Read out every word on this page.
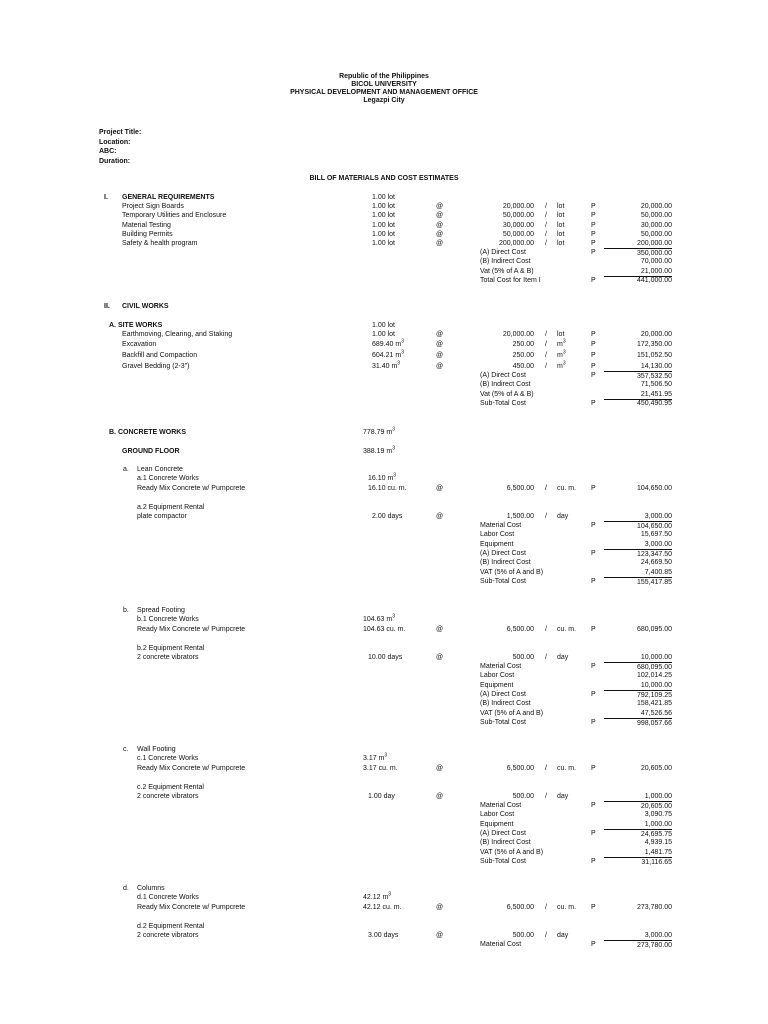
Republic of the Philippines
BICOL UNIVERSITY
PHYSICAL DEVELOPMENT AND MANAGEMENT OFFICE
Legazpi City
Project Title:
Location:
ABC:
Duration:
BILL OF MATERIALS AND COST ESTIMATES
I. GENERAL REQUIREMENTS	1.00 lot
Project Sign Boards	1.00 lot	@	20,000.00 / lot	P	20,000.00
Temporary Utilities and Enclosure	1.00 lot	@	50,000.00 / lot	P	50,000.00
Material Testing	1.00 lot	@	30,000.00 / lot	P	30,000.00
Building Permits	1.00 lot	@	50,000.00 / lot	P	50,000.00
Safety & health program	1.00 lot	@	200,000.00 / lot	P	200,000.00
(A) Direct Cost	P	350,000.00
(B) Indirect Cost	70,000.00
Vat (5% of A & B)	21,000.00
Total Cost for Item I	P	441,000.00
II. CIVIL WORKS
A. SITE WORKS	1.00 lot
Earthmoving, Clearing, and Staking	1.00 lot	@	20,000.00 / lot	P	20,000.00
Excavation	689.40 $m^3$	@	$250.00 / m^3$	P	172,350.00
Backfill and Compaction	604.21 $m^3$	@	$250.00 / m^3$	P	151,052.50
Gravel Bedding (2-3")	31.40 $m^3$	@	$450.00 / m^3$	P	14,130.00
(A) Direct Cost	P	357,532.50
(B) Indirect Cost	71,506.50
Vat (5% of A & B)	21,451.95
Sub-Total Cost	P	450,490.95
B. CONCRETE WORKS	778.79 $m^3$
GROUND FLOOR	388.19 $m^3$
a. Lean Concrete
a.1 Concrete Works	16.10 $m^3$
Ready Mix Concrete w/ Pumpcrete	16.10 cu. m.	@	6,500.00 / cu. m. P	104,650.00
a.2 Equipment Rental
plate compactor	2.00 days	@	1,500.00 / day	3,000.00
Material Cost	P	104,650.00
Labor Cost	15,697.50
Equipment	3,000.00
(A) Direct Cost	P	123,347.50
(B) Indirect Cost	24,669.50
VAT (5% of A and B)	7,400.85
Sub-Total Cost	P	155,417.85
b. Spread Footing
b.1 Concrete Works	104.63 $m^3$
Ready Mix Concrete w/ Pumpcrete	104.63 cu. m.	@	6,500.00 / cu. m. P	680,095.00
b.2 Equipment Rental
2 concrete vibrators	10.00 days	@	500.00 / day	10,000.00
Material Cost	P	680,095.00
Labor Cost	102,014.25
Equipment	10,000.00
(A) Direct Cost	P	792,109.25
(B) Indirect Cost	158,421.85
VAT (5% of A and B)	47,526.56
Sub-Total Cost	P	998,057.66
c. Wall Footing
c.1 Concrete Works	3.17 $m^3$
Ready Mix Concrete w/ Pumpcrete	3.17 cu. m.	@	6,500.00 / cu. m. P	20,605.00
c.2 Equipment Rental
2 concrete vibrators	1.00 day	@	500.00 / day	1,000.00
Material Cost	P	20,605.00
Labor Cost	3,090.75
Equipment	1,000.00
(A) Direct Cost	P	24,695.75
(B) Indirect Cost	4,939.15
VAT (5% of A and B)	1,481.75
Sub-Total Cost	P	31,116.65
d. Columns
d.1 Concrete Works	42.12 $m^3$
Ready Mix Concrete w/ Pumpcrete	42.12 cu. m.	@	6,500.00 / cu. m. P	273,780.00
d.2 Equipment Rental
2 concrete vibrators	3.00 days	@	500.00 / day	3,000.00
Material Cost	P	273,780.00
